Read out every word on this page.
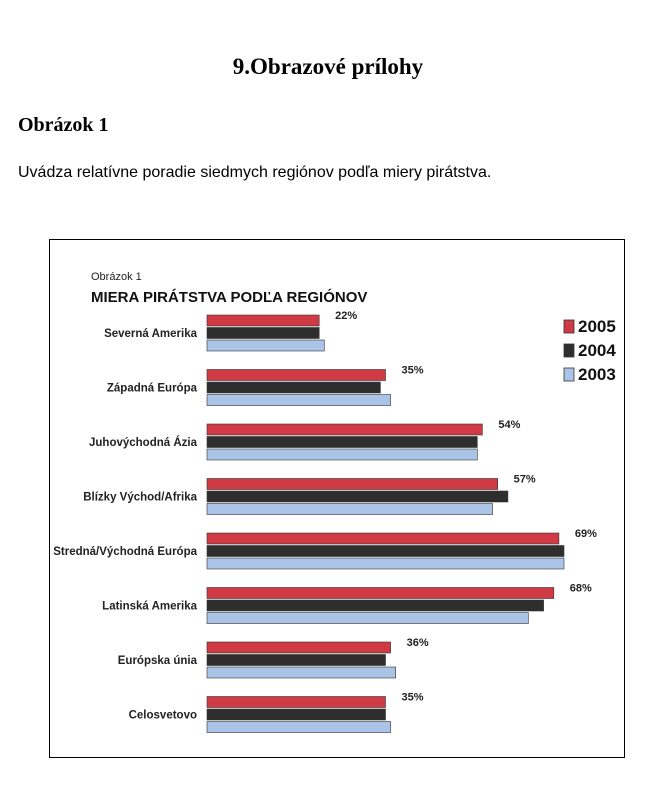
9.Obrazové prílohy
Obrázok 1
Uvádza relatívne poradie siedmych regiónov podľa miery pirátstva.
Obrázok 1
MIERA PIRÁTSTVA PODĽA REGIÓNOV
Severná Amerika
22%
Západná Európa
35%
Juhovýchodná Ázia
54%
Blízky Východ/Afrika
57%
Stredná/Východná Európa
69%
Latinská Amerika
68%
Európska únia
36%
Celosvetovo
35%
2005
2004
2003
